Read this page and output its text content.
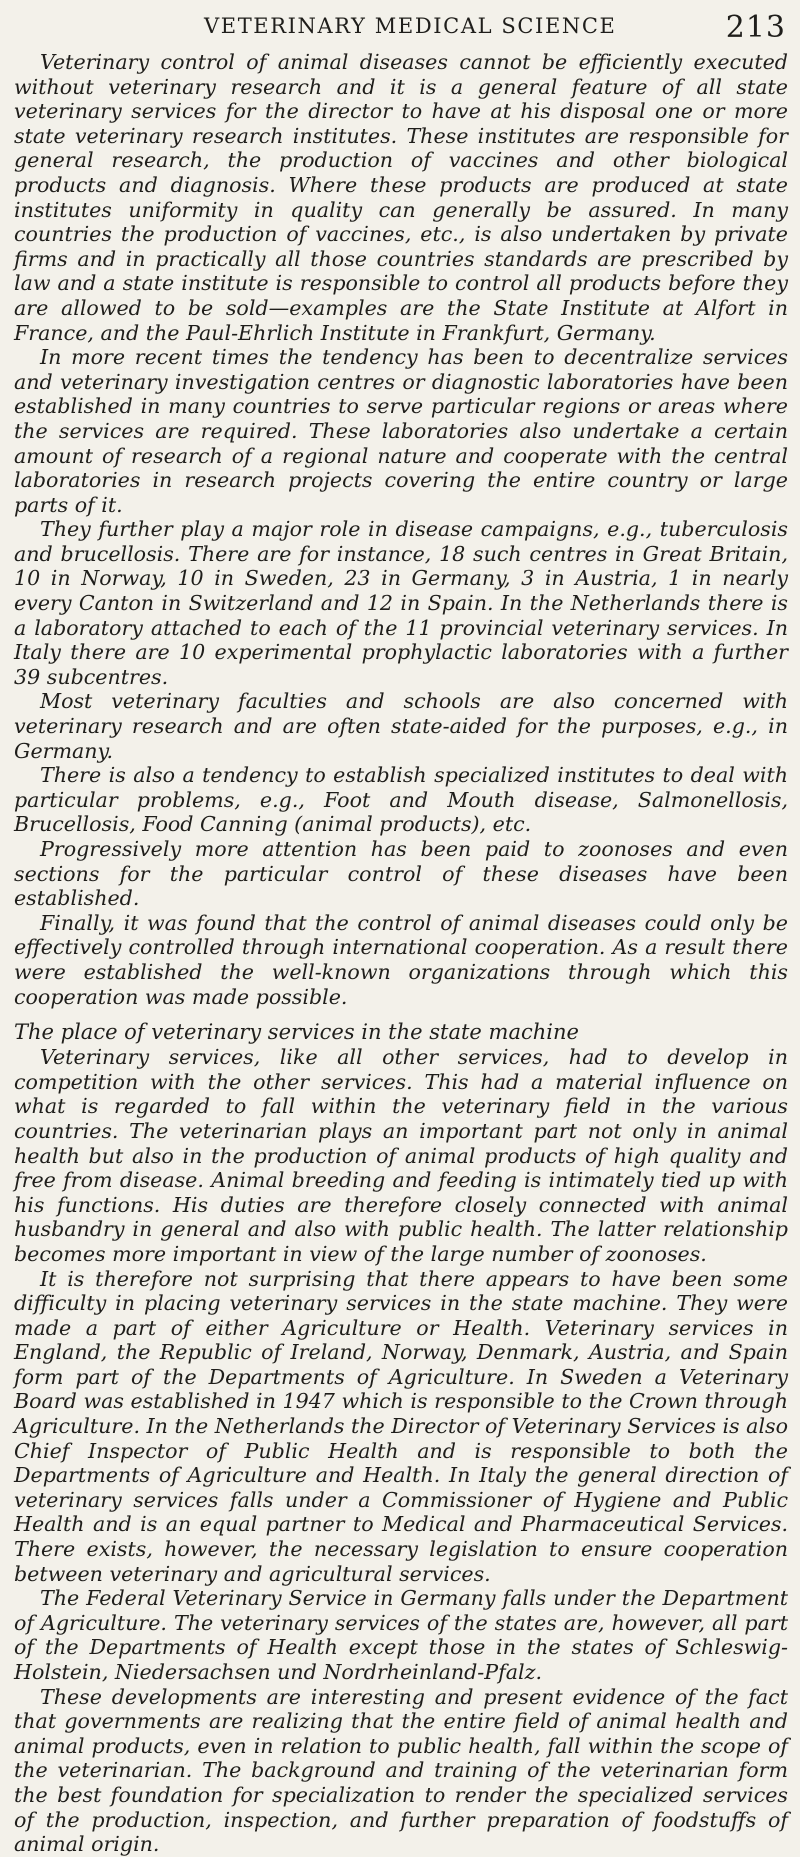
VETERINARY MEDICAL SCIENCE	213

Veterinary control of animal diseases cannot be efficiently executed without veterinary research and it is a general feature of all state veterinary services for the director to have at his disposal one or more state veterinary research institutes. These institutes are responsible for general research, the production of vaccines and other biological products and diagnosis. Where these products are produced at state institutes uniformity in quality can generally be assured. In many countries the production of vaccines, etc., is also undertaken by private firms and in practically all those countries standards are prescribed by law and a state institute is responsible to control all products before they are allowed to be sold—examples are the State Institute at Alfort in France, and the Paul-Ehrlich Institute in Frankfurt, Germany.

In more recent times the tendency has been to decentralize services and veterinary investigation centres or diagnostic laboratories have been established in many countries to serve particular regions or areas where the services are required. These laboratories also undertake a certain amount of research of a regional nature and cooperate with the central laboratories in research projects covering the entire country or large parts of it.

They further play a major role in disease campaigns, e.g., tuberculosis and brucellosis. There are for instance, 18 such centres in Great Britain, 10 in Norway, 10 in Sweden, 23 in Germany, 3 in Austria, 1 in nearly every Canton in Switzerland and 12 in Spain. In the Netherlands there is a laboratory attached to each of the 11 provincial veterinary services. In Italy there are 10 experimental prophylactic laboratories with a further 39 subcentres.

Most veterinary faculties and schools are also concerned with veterinary research and are often state-aided for the purposes, e.g., in Germany.

There is also a tendency to establish specialized institutes to deal with particular problems, e.g., Foot and Mouth disease, Salmonellosis, Brucellosis, Food Canning (animal products), etc.

Progressively more attention has been paid to zoonoses and even sections for the particular control of these diseases have been established.

Finally, it was found that the control of animal diseases could only be effectively controlled through international cooperation. As a result there were established the well-known organizations through which this cooperation was made possible.

The place of veterinary services in the state machine

Veterinary services, like all other services, had to develop in competition with the other services. This had a material influence on what is regarded to fall within the veterinary field in the various countries. The veterinarian plays an important part not only in animal health but also in the production of animal products of high quality and free from disease. Animal breeding and feeding is intimately tied up with his functions. His duties are therefore closely connected with animal husbandry in general and also with public health. The latter relationship becomes more important in view of the large number of zoonoses.

It is therefore not surprising that there appears to have been some difficulty in placing veterinary services in the state machine. They were made a part of either Agriculture or Health. Veterinary services in England, the Republic of Ireland, Norway, Denmark, Austria, and Spain form part of the Departments of Agriculture. In Sweden a Veterinary Board was established in 1947 which is responsible to the Crown through Agriculture. In the Netherlands the Director of Veterinary Services is also Chief Inspector of Public Health and is responsible to both the Departments of Agriculture and Health. In Italy the general direction of veterinary services falls under a Commissioner of Hygiene and Public Health and is an equal partner to Medical and Pharmaceutical Services. There exists, however, the necessary legislation to ensure cooperation between veterinary and agricultural services.

The Federal Veterinary Service in Germany falls under the Department of Agriculture. The veterinary services of the states are, however, all part of the Departments of Health except those in the states of Schleswig-Holstein, Niedersachsen und Nordrheinland-Pfalz.

These developments are interesting and present evidence of the fact that governments are realizing that the entire field of animal health and animal products, even in relation to public health, fall within the scope of the veterinarian. The background and training of the veterinarian form the best foundation for specialization to render the specialized services of the production, inspection, and further preparation of foodstuffs of animal origin.
